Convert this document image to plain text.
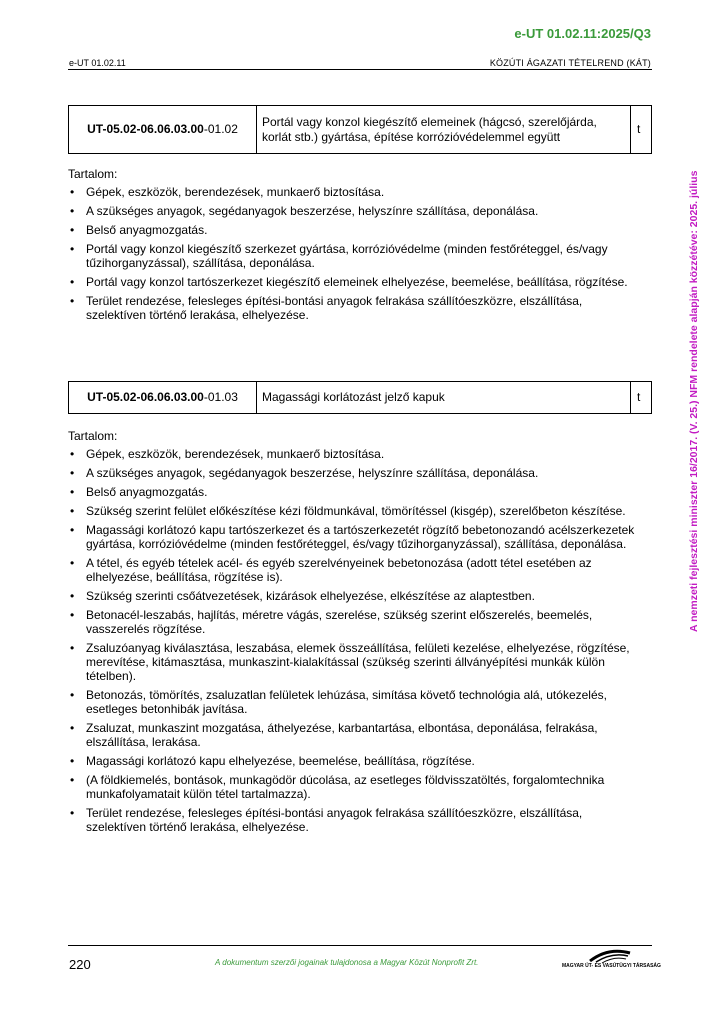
e-UT 01.02.11:2025/Q3
e-UT 01.02.11	KÖZÚTI ÁGAZATI TÉTELREND (KÁT)
UT-05.02-06.06.03.00-01.02	Portál vagy konzol kiegészítő elemeinek (hágcsó, szerelőjárda, korlát stb.) gyártása, építése korrózióvédelemmel együtt	t
Tartalom:
• Gépek, eszközök, berendezések, munkaerő biztosítása.
• A szükséges anyagok, segédanyagok beszerzése, helyszínre szállítása, deponálása.
• Belső anyagmozgatás.
• Portál vagy konzol kiegészítő szerkezet gyártása, korrózióvédelme (minden festőréteggel, és/vagy tűzihorganyzással), szállítása, deponálása.
• Portál vagy konzol tartószerkezet kiegészítő elemeinek elhelyezése, beemelése, beállítása, rögzítése.
• Terület rendezése, felesleges építési-bontási anyagok felrakása szállítóeszközre, elszállítása, szelektíven történő lerakása, elhelyezése.
UT-05.02-06.06.03.00-01.03	Magassági korlátozást jelző kapuk	t
Tartalom:
• Gépek, eszközök, berendezések, munkaerő biztosítása.
• A szükséges anyagok, segédanyagok beszerzése, helyszínre szállítása, deponálása.
• Belső anyagmozgatás.
• Szükség szerint felület előkészítése kézi földmunkával, tömörítéssel (kisgép), szerelőbeton készítése.
• Magassági korlátozó kapu tartószerkezet és a tartószerkezetét rögzítő bebetonozandó acélszerkezetek gyártása, korrózióvédelme (minden festőréteggel, és/vagy tűzihorganyzással), szállítása, deponálása.
• A tétel, és egyéb tételek acél- és egyéb szerelvényeinek bebetonozása (adott tétel esetében az elhelyezése, beállítása, rögzítése is).
• Szükség szerinti csőátvezetések, kizárások elhelyezése, elkészítése az alaptestben.
• Betonacél-leszabás, hajlítás, méretre vágás, szerelése, szükség szerint előszerelés, beemelés, vasszerelés rögzítése.
• Zsaluzóanyag kiválasztása, leszabása, elemek összeállítása, felületi kezelése, elhelyezése, rögzítése, merevítése, kitámasztása, munkaszint-kialakítással (szükség szerinti állványépítési munkák külön tételben).
• Betonozás, tömörítés, zsaluzatlan felületek lehúzása, simítása követő technológia alá, utókezelés, esetleges betonhibák javítása.
• Zsaluzat, munkaszint mozgatása, áthelyezése, karbantartása, elbontása, deponálása, felrakása, elszállítása, lerakása.
• Magassági korlátozó kapu elhelyezése, beemelése, beállítása, rögzítése.
• (A földkiemelés, bontások, munkagödör dúcolása, az esetleges földvisszatöltés, forgalomtechnika munkafolyamatait külön tétel tartalmazza).
• Terület rendezése, felesleges építési-bontási anyagok felrakása szállítóeszközre, elszállítása, szelektíven történő lerakása, elhelyezése.
A nemzeti fejlesztési miniszter 16/2017. (V. 25.) NFM rendelete alapján közzétéve: 2025. július
220	A dokumentum szerzői jogainak tulajdonosa a Magyar Közút Nonprofit Zrt.	MAGYAR ÚT- ÉS VASÚTÜGYI TÁRSASÁG
